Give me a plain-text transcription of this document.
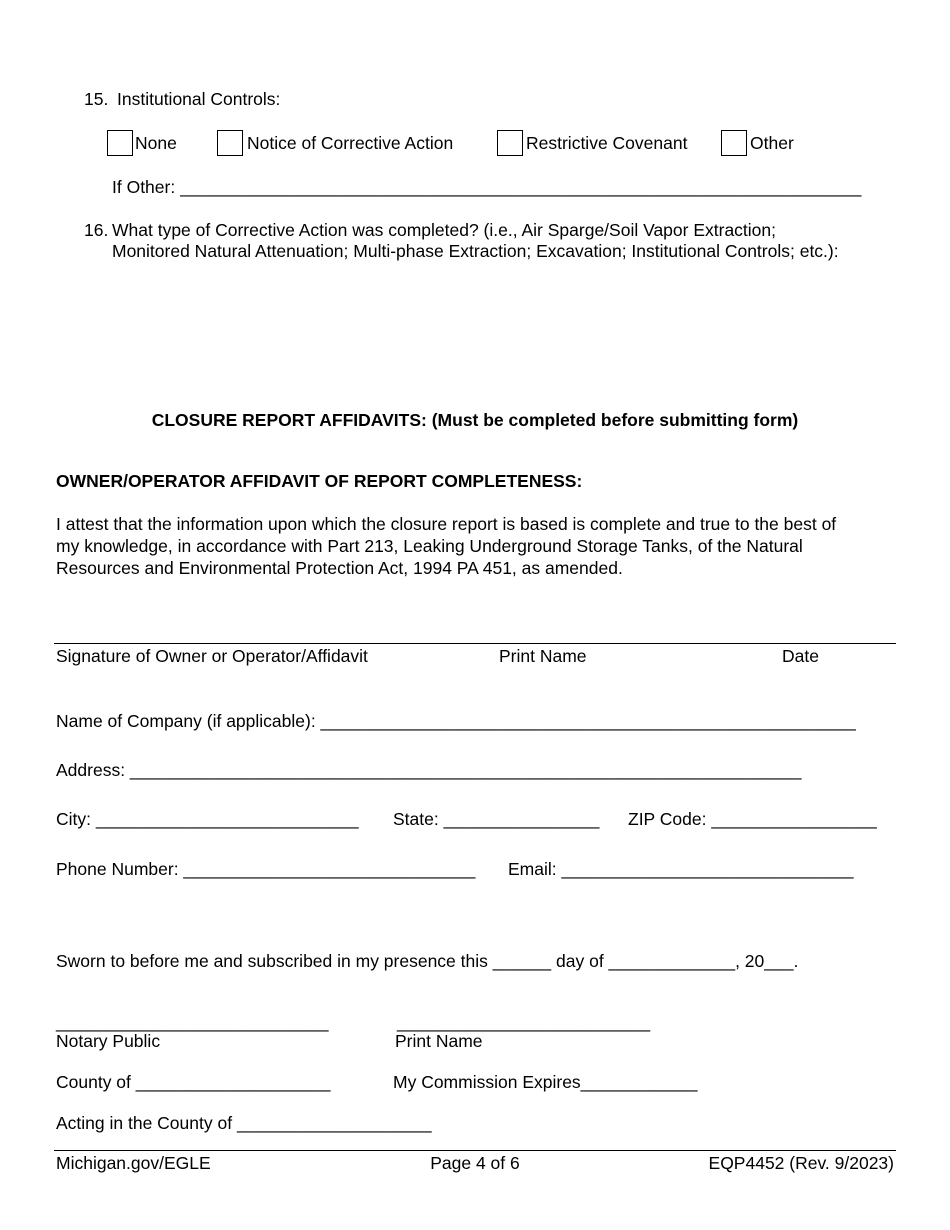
15. Institutional Controls:
None	Notice of Corrective Action	Restrictive Covenant	Other
If Other: ______________________________________________________________________
16. What type of Corrective Action was completed? (i.e., Air Sparge/Soil Vapor Extraction;
Monitored Natural Attenuation; Multi-phase Extraction; Excavation; Institutional Controls; etc.):
CLOSURE REPORT AFFIDAVITS: (Must be completed before submitting form)
OWNER/OPERATOR AFFIDAVIT OF REPORT COMPLETENESS:
I attest that the information upon which the closure report is based is complete and true to the best of
my knowledge, in accordance with Part 213, Leaking Underground Storage Tanks, of the Natural
Resources and Environmental Protection Act, 1994 PA 451, as amended.
Signature of Owner or Operator/Affidavit	Print Name	Date
Name of Company (if applicable): _______________________________________________________
Address: _____________________________________________________________________
City: ___________________________ State: ________________ ZIP Code: _________________
Phone Number: ______________________________ Email: ______________________________
Sworn to before me and subscribed in my presence this ______ day of _____________, 20___.
____________________________	__________________________
Notary Public	Print Name
County of ____________________	My Commission Expires____________
Acting in the County of ____________________
Michigan.gov/EGLE	Page 4 of 6	EQP4452 (Rev. 9/2023)
